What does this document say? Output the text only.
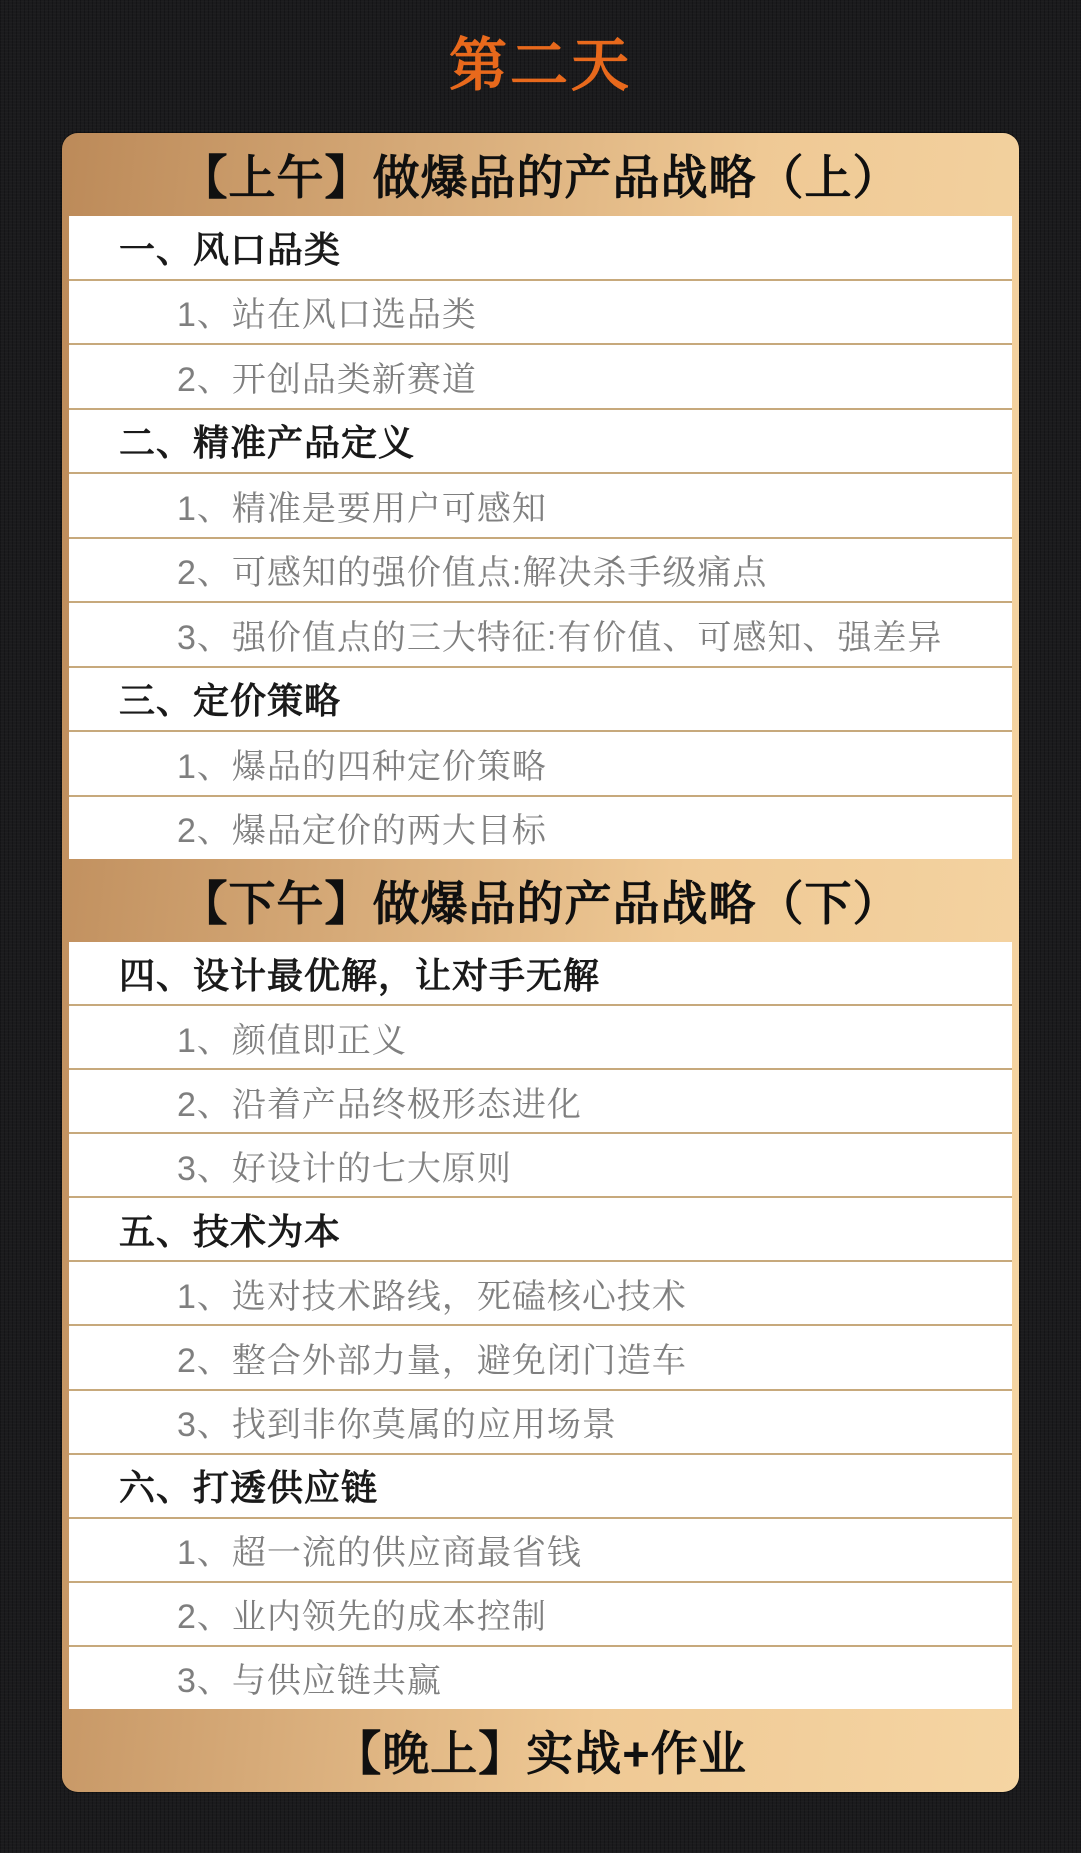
第二天
【上午】做爆品的产品战略（上）
一、风口品类
1、站在风口选品类
2、开创品类新赛道
二、精准产品定义
1、精准是要用户可感知
2、可感知的强价值点:解决杀手级痛点
3、强价值点的三大特征:有价值、可感知、强差异
三、定价策略
1、爆品的四种定价策略
2、爆品定价的两大目标
【下午】做爆品的产品战略（下）
四、设计最优解，让对手无解
1、颜值即正义
2、沿着产品终极形态进化
3、好设计的七大原则
五、技术为本
1、选对技术路线，死磕核心技术
2、整合外部力量，避免闭门造车
3、找到非你莫属的应用场景
六、打透供应链
1、超一流的供应商最省钱
2、业内领先的成本控制
3、与供应链共赢
【晚上】实战+作业
